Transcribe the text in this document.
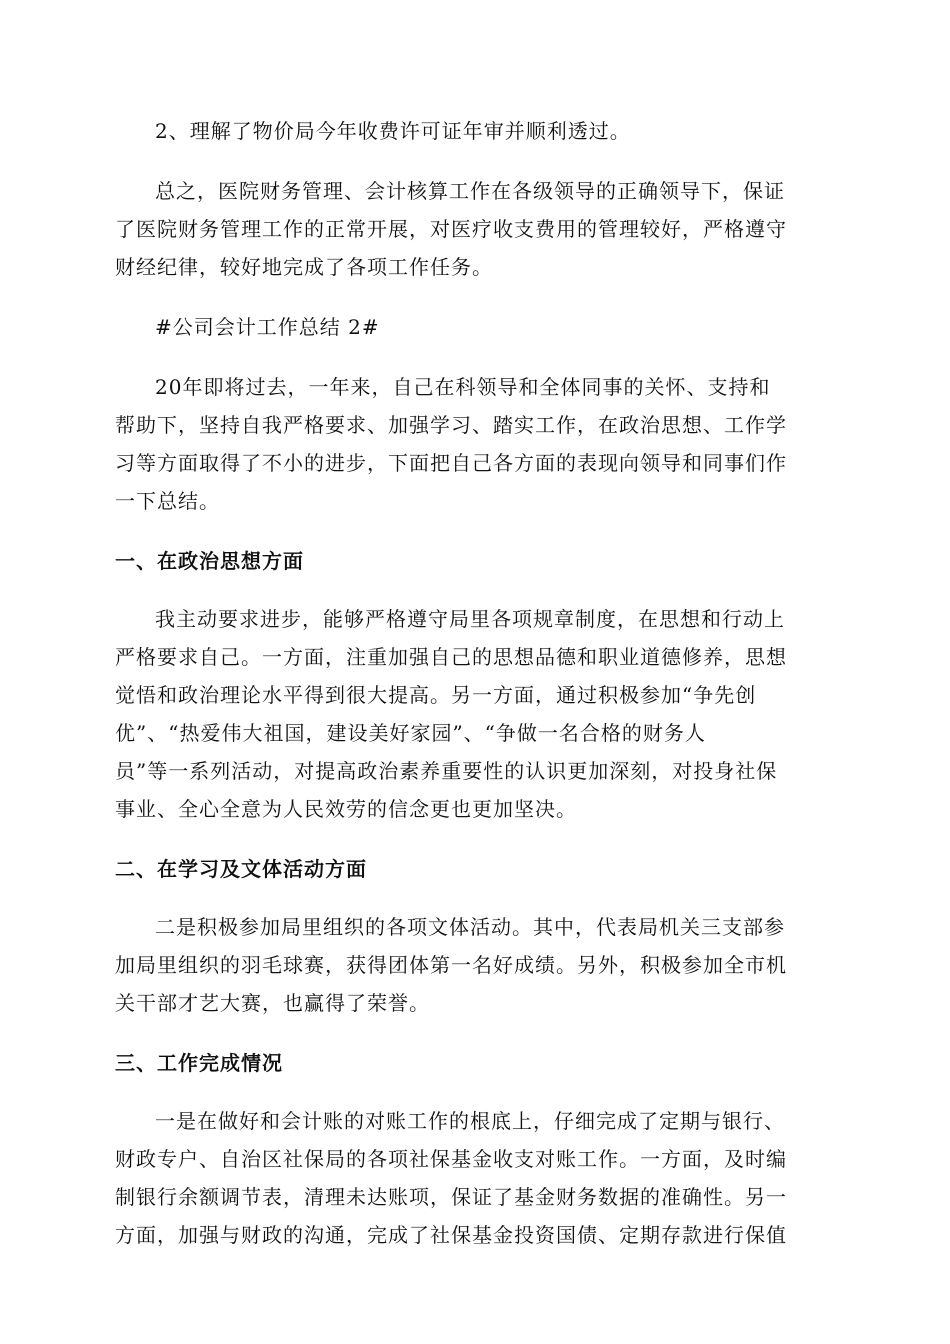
2、理解了物价局今年收费许可证年审并顺利透过。

总之，医院财务管理、会计核算工作在各级领导的正确领导下，保证
了医院财务管理工作的正常开展，对医疗收支费用的管理较好，严格遵守
财经纪律，较好地完成了各项工作任务。

#公司会计工作总结 2#

20年即将过去，一年来，自己在科领导和全体同事的关怀、支持和
帮助下，坚持自我严格要求、加强学习、踏实工作，在政治思想、工作学
习等方面取得了不小的进步，下面把自己各方面的表现向领导和同事们作
一下总结。

一、在政治思想方面

我主动要求进步，能够严格遵守局里各项规章制度，在思想和行动上
严格要求自己。一方面，注重加强自己的思想品德和职业道德修养，思想
觉悟和政治理论水平得到很大提高。另一方面，通过积极参加“争先创
优”、“热爱伟大祖国，建设美好家园”、“争做一名合格的财务人
员”等一系列活动，对提高政治素养重要性的认识更加深刻，对投身社保
事业、全心全意为人民效劳的信念更也更加坚决。

二、在学习及文体活动方面

二是积极参加局里组织的各项文体活动。其中，代表局机关三支部参
加局里组织的羽毛球赛，获得团体第一名好成绩。另外，积极参加全市机
关干部才艺大赛，也赢得了荣誉。

三、工作完成情况

一是在做好和会计账的对账工作的根底上，仔细完成了定期与银行、
财政专户、自治区社保局的各项社保基金收支对账工作。一方面，及时编
制银行余额调节表，清理未达账项，保证了基金财务数据的准确性。另一
方面，加强与财政的沟通，完成了社保基金投资国债、定期存款进行保值
